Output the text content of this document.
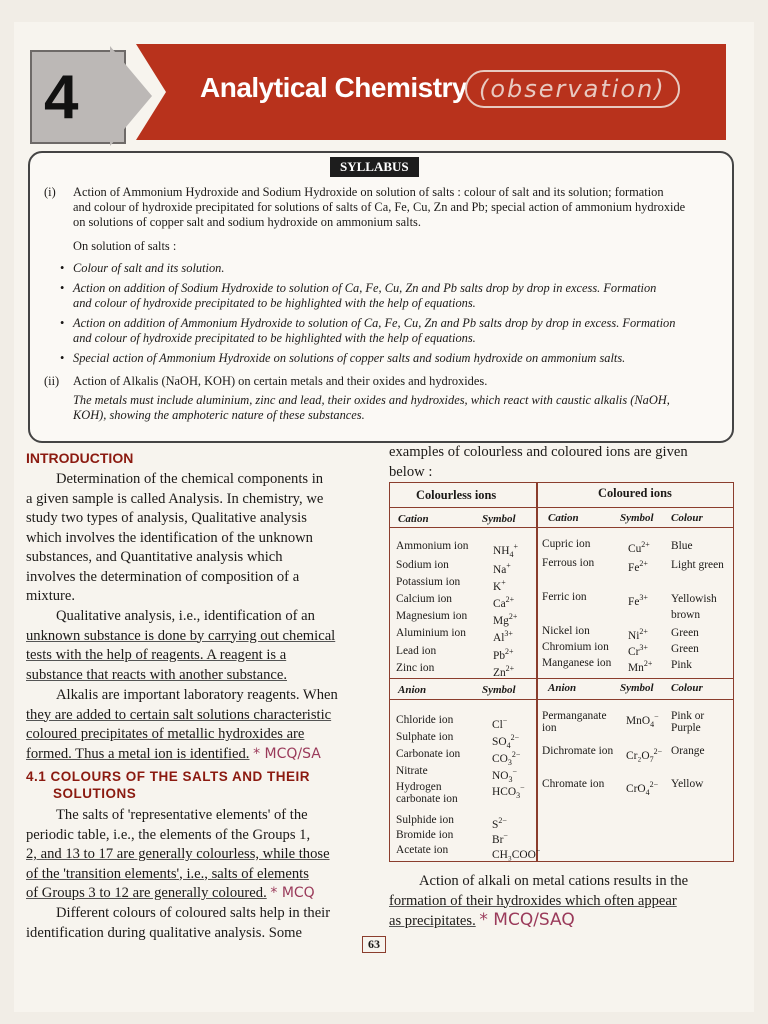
4	Analytical Chemistry (observation)
SYLLABUS
(i) Action of Ammonium Hydroxide and Sodium Hydroxide on solution of salts : colour of salt and its solution; formation
and colour of hydroxide precipitated for solutions of salts of Ca, Fe, Cu, Zn and Pb; special action of ammonium hydroxide
on solutions of copper salt and sodium hydroxide on ammonium salts.
On solution of salts :
• Colour of salt and its solution.
• Action on addition of Sodium Hydroxide to solution of Ca, Fe, Cu, Zn and Pb salts drop by drop in excess. Formation
and colour of hydroxide precipitated to be highlighted with the help of equations.
• Action on addition of Ammonium Hydroxide to solution of Ca, Fe, Cu, Zn and Pb salts drop by drop in excess. Formation
and colour of hydroxide precipitated to be highlighted with the help of equations.
• Special action of Ammonium Hydroxide on solutions of copper salts and sodium hydroxide on ammonium salts.
(ii) Action of Alkalis (NaOH, KOH) on certain metals and their oxides and hydroxides.
The metals must include aluminium, zinc and lead, their oxides and hydroxides, which react with caustic alkalis (NaOH,
KOH), showing the amphoteric nature of these substances.
INTRODUCTION
Determination of the chemical components in
a given sample is called Analysis. In chemistry, we
study two types of analysis, Qualitative analysis
which involves the identification of the unknown
substances, and Quantitative analysis which
involves the determination of composition of a
mixture.
Qualitative analysis, i.e., identification of an
unknown substance is done by carrying out chemical
tests with the help of reagents. A reagent is a
substance that reacts with another substance.
Alkalis are important laboratory reagents. When
they are added to certain salt solutions characteristic
coloured precipitates of metallic hydroxides are
formed. Thus a metal ion is identified. * MCQ/SA
4.1 COLOURS OF THE SALTS AND THEIR
SOLUTIONS
The salts of 'representative elements' of the
periodic table, i.e., the elements of the Groups 1,
2, and 13 to 17 are generally colourless, while those
of the 'transition elements', i.e., salts of elements
of Groups 3 to 12 are generally coloured. * MCQ
Different colours of coloured salts help in their
identification during qualitative analysis. Some
examples of colourless and coloured ions are given
below :
Colourless ions	Coloured ions
Cation	Symbol	Cation	Symbol Colour
Anion	Symbol	Anion	Symbol Colour
Ammonium ion $NH_4^+$
Sodium ion	Na+
Potassium ion	K+
Calcium ion	$Ca^{2+}$
Magnesium ion $Mg^{2+}$
Aluminium ion $Al^{3+}$
Lead ion	$Pb^{2+}$
Zinc ion	$Zn^{2+}$
Cupric ion	$Cu^{2+}$ Blue
Ferrous ion	$Fe^{2+}$ Light green
Ferric ion	$Fe^{3+}$ Yellowish brown
Nickel ion	$Ni^{2+}$ Green
Chromium ion $Cr^{3+}$ Green
Manganese ion $Mn^{2+}$ Pink
Chloride ion	Cl−
Sulphate ion	$SO_4^{2-}$
Carbonate ion	$CO_3^{2-}$
Nitrate	$NO_3^-$
Hydrogen carbonate ion
$HCO_3^-$
Sulphide ion	$S^{2-}$
Bromide ion	Br−
Acetate ion	CH₃COO−
Permanganate ion
MnO$_4$− Pink or Purple
Dichromate ion	$Cr_2O_7^{2-}$ Orange
Chromate ion	CrO$_4^{2-}$ Yellow
Action of alkali on metal cations results in the
formation of their hydroxides which often appear
as precipitates. * MCQ/SAQ
63
